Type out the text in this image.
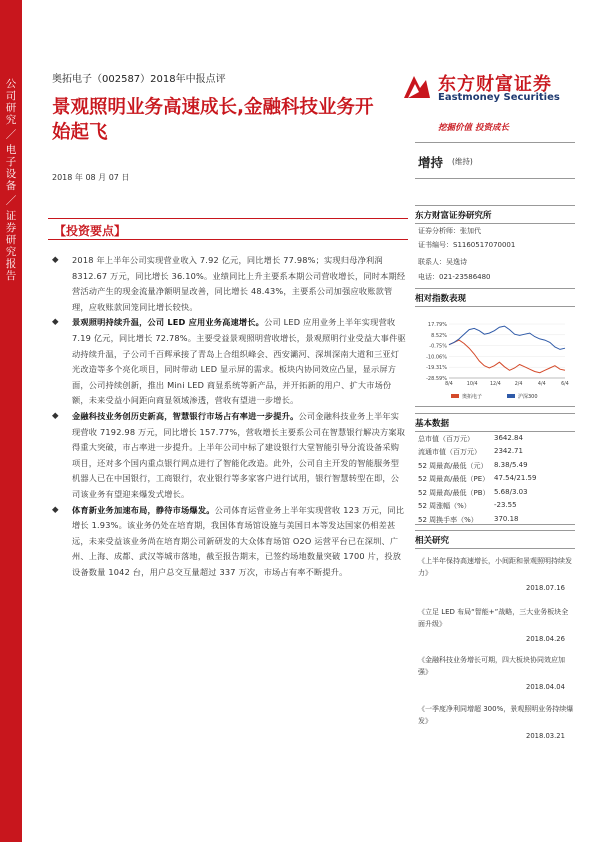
公
司
研
究
／
电
子
设
备
／
证
券
研
究
报
告
奥拓电子（002587）2018年中报点评
景观照明业务高速成长,金融科技业务开始起飞
2018 年 08 月 07 日
东方财富证券
Eastmoney Securities
挖掘价值 投资成长
增持 (维持)
【投资要点】
◆ 2018 年上半年公司实现营业收入 7.92 亿元，同比增长 77.98%；实现归母净利润 8312.67 万元，同比增长 36.10%。业绩同比上升主要系本期公司营收增长，同时本期经营活动产生的现金流量净额明显改善，同比增长 48.43%，主要系公司加强应收账款管理，应收账款回笼同比增长较快。
◆ 景观照明持续升温，公司 LED 应用业务高速增长。公司 LED 应用业务上半年实现营收 7.19 亿元，同比增长 72.78%。主要受益景观照明营收增长，景观照明行业受益大事件驱动持续升温，子公司千百辉承接了青岛上合组织峰会、西安灞河、深圳深南大道和三亚灯光改造等多个亮化项目，同时带动 LED 显示屏的需求。板块内协同效应凸显，显示屏方面，公司持续创新，推出 Mini LED 商显系统等新产品，并开拓新的用户、扩大市场份额，未来受益小间距向商显领域渗透，营收有望进一步增长。
◆ 金融科技业务创历史新高，智慧银行市场占有率进一步提升。公司金融科技业务上半年实现营收 7192.98 万元，同比增长 157.77%，营收增长主要系公司在智慧银行解决方案取得重大突破，市占率进一步提升。上半年公司中标了建设银行大堂智能引导分流设备采购项目，还对多个国内重点银行网点进行了智能化改造。此外，公司自主开发的智能服务型机器人已在中国银行，工商银行，农业银行等多家客户进行试用，银行智慧转型在即，公司该业务有望迎来爆发式增长。
◆ 体育新业务加速布局，静待市场爆发。公司体育运营业务上半年实现营收 123 万元，同比增长 1.93%。该业务仍处在培育期，我国体育场馆设施与美国日本等发达国家仍相差甚远，未来受益该业务尚在培育期公司新研发的大众体育场馆 O2O 运营平台已在深圳、广州、上海、成都、武汉等城市落地，截至报告期末，已签约场地数量突破 1700 片，投放设备数量 1042 台，用户总交互量超过 337 万次，市场占有率不断提升。
东方财富证券研究所
证券分析师：张加代
证书编号：S1160517070001
联系人：吴逸诗
电话：021-23586480
相对指数表现
17.79%
8.52%
-0.75%
-10.06%
-19.31%
-28.59%
8/4	10/4	12/4	2/4	4/4	6/4
奥拓电子	沪深300
基本数据
总市值（百万元）	3642.84
流通市值（百万元） 2342.71
52 周最高/最低（元） 8.38/5.49
52 周最高/最低（PE） 47.54/21.59
52 周最高/最低（PB） 5.68/3.03
52 周涨幅（%）	-23.55
52 周换手率（%） 370.18
相关研究
《上半年保持高速增长，小间距和景观照明持续发力》
2018.07.16
《立足 LED 布局“智能+”战略，三大业务板块全面升级》
2018.04.26
《金融科技业务增长可期，四大板块协同效应加强》
2018.04.04
《一季度净利同增超 300%，景观照明业务持续爆发》
2018.03.21
